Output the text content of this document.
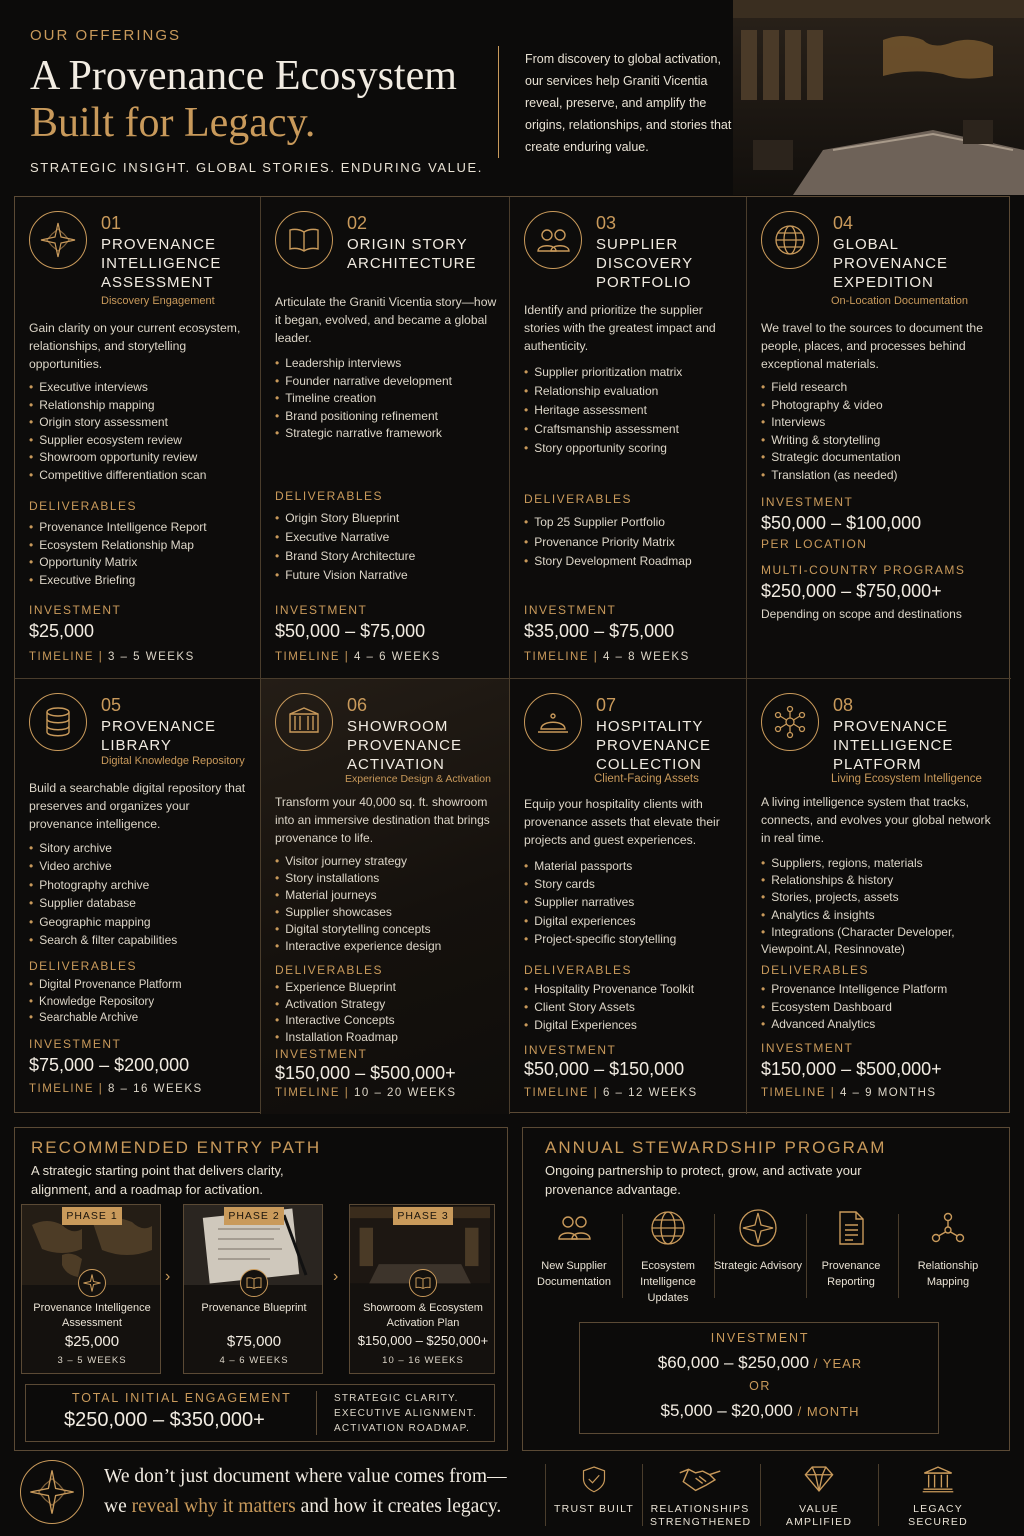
OUR OFFERINGS
A Provenance Ecosystem
Built for Legacy.
STRATEGIC INSIGHT. GLOBAL STORIES. ENDURING VALUE.
From discovery to global activation, our services help Graniti Vicentia reveal, preserve, and amplify the origins, relationships, and stories that create enduring value.
01
PROVENANCE INTELLIGENCE ASSESSMENT
Discovery Engagement
Gain clarity on your current ecosystem, relationships, and storytelling opportunities.
• Executive interviews
• Relationship mapping
• Origin story assessment
• Supplier ecosystem review
• Showroom opportunity review
• Competitive differentiation scan
DELIVERABLES
• Provenance Intelligence Report
• Ecosystem Relationship Map
• Opportunity Matrix
• Executive Briefing
INVESTMENT
$25,000
TIMELINE | 3 – 5 WEEKS
02
ORIGIN STORY ARCHITECTURE
Articulate the Graniti Vicentia story—how it began, evolved, and became a global leader.
• Leadership interviews
• Founder narrative development
• Timeline creation
• Brand positioning refinement
• Strategic narrative framework
DELIVERABLES
• Origin Story Blueprint
• Executive Narrative
• Brand Story Architecture
• Future Vision Narrative
INVESTMENT
$50,000 – $75,000
TIMELINE | 4 – 6 WEEKS
03
SUPPLIER DISCOVERY PORTFOLIO
Identify and prioritize the supplier stories with the greatest impact and authenticity.
• Supplier prioritization matrix
• Relationship evaluation
• Heritage assessment
• Craftsmanship assessment
• Story opportunity scoring
DELIVERABLES
• Top 25 Supplier Portfolio
• Provenance Priority Matrix
• Story Development Roadmap
INVESTMENT
$35,000 – $75,000
TIMELINE | 4 – 8 WEEKS
04
GLOBAL PROVENANCE EXPEDITION
On-Location Documentation
We travel to the sources to document the people, places, and processes behind exceptional materials.
• Field research
• Photography & video
• Interviews
• Writing & storytelling
• Strategic documentation
• Translation (as needed)
INVESTMENT
$50,000 – $100,000
PER LOCATION
MULTI-COUNTRY PROGRAMS
$250,000 – $750,000+
Depending on scope and destinations
05
PROVENANCE LIBRARY
Digital Knowledge Repository
Build a searchable digital repository that preserves and organizes your provenance intelligence.
• Sitory archive
• Video archive
• Photography archive
• Supplier database
• Geographic mapping
• Search & filter capabilities
DELIVERABLES
• Digital Provenance Platform
• Knowledge Repository
• Searchable Archive
INVESTMENT
$75,000 – $200,000
TIMELINE | 8 – 16 WEEKS
06
SHOWROOM PROVENANCE ACTIVATION
Experience Design & Activation
Transform your 40,000 sq. ft. showroom into an immersive destination that brings provenance to life.
• Visitor journey strategy
• Story installations
• Material journeys
• Supplier showcases
• Digital storytelling concepts
• Interactive experience design
DELIVERABLES
• Experience Blueprint
• Activation Strategy
• Interactive Concepts
• Installation Roadmap
INVESTMENT
$150,000 – $500,000+
TIMELINE | 10 – 20 WEEKS
07
HOSPITALITY PROVENANCE COLLECTION
Client-Facing Assets
Equip your hospitality clients with provenance assets that elevate their projects and guest experiences.
• Material passports
• Story cards
• Supplier narratives
• Digital experiences
• Project-specific storytelling
DELIVERABLES
• Hospitality Provenance Toolkit
• Client Story Assets
• Digital Experiences
INVESTMENT
$50,000 – $150,000
TIMELINE | 6 – 12 WEEKS
08
PROVENANCE INTELLIGENCE PLATFORM
Living Ecosystem Intelligence
A living intelligence system that tracks, connects, and evolves your global network in real time.
• Suppliers, regions, materials
• Relationships & history
• Stories, projects, assets
• Analytics & insights
• Integrations (Character Developer, Viewpoint.AI, Resinnovate)
DELIVERABLES
• Provenance Intelligence Platform
• Ecosystem Dashboard
• Advanced Analytics
INVESTMENT
$150,000 – $500,000+
TIMELINE | 4 – 9 MONTHS
RECOMMENDED ENTRY PATH
A strategic starting point that delivers clarity, alignment, and a roadmap for activation.
PHASE 1
Provenance Intelligence Assessment
$25,000
3 – 5 WEEKS
›
PHASE 2
Provenance Blueprint
$75,000
4 – 6 WEEKS
›
PHASE 3
Showroom & Ecosystem Activation Plan
$150,000 – $250,000+
10 – 16 WEEKS
TOTAL INITIAL ENGAGEMENT
$250,000 – $350,000+
STRATEGIC CLARITY.
EXECUTIVE ALIGNMENT.
ACTIVATION ROADMAP.
ANNUAL STEWARDSHIP PROGRAM
Ongoing partnership to protect, grow, and activate your provenance advantage.
New Supplier Documentation
Ecosystem Intelligence Updates
Strategic Advisory	Provenance Reporting
Relationship Mapping
INVESTMENT
$60,000 – $250,000 / YEAR
OR
$5,000 – $20,000 / MONTH
We don’t just document where value comes from—
we reveal why it matters and how it creates legacy.	TRUST BUILT	RELATIONSHIPS STRENGTHENED
VALUE AMPLIFIED
LEGACY SECURED
